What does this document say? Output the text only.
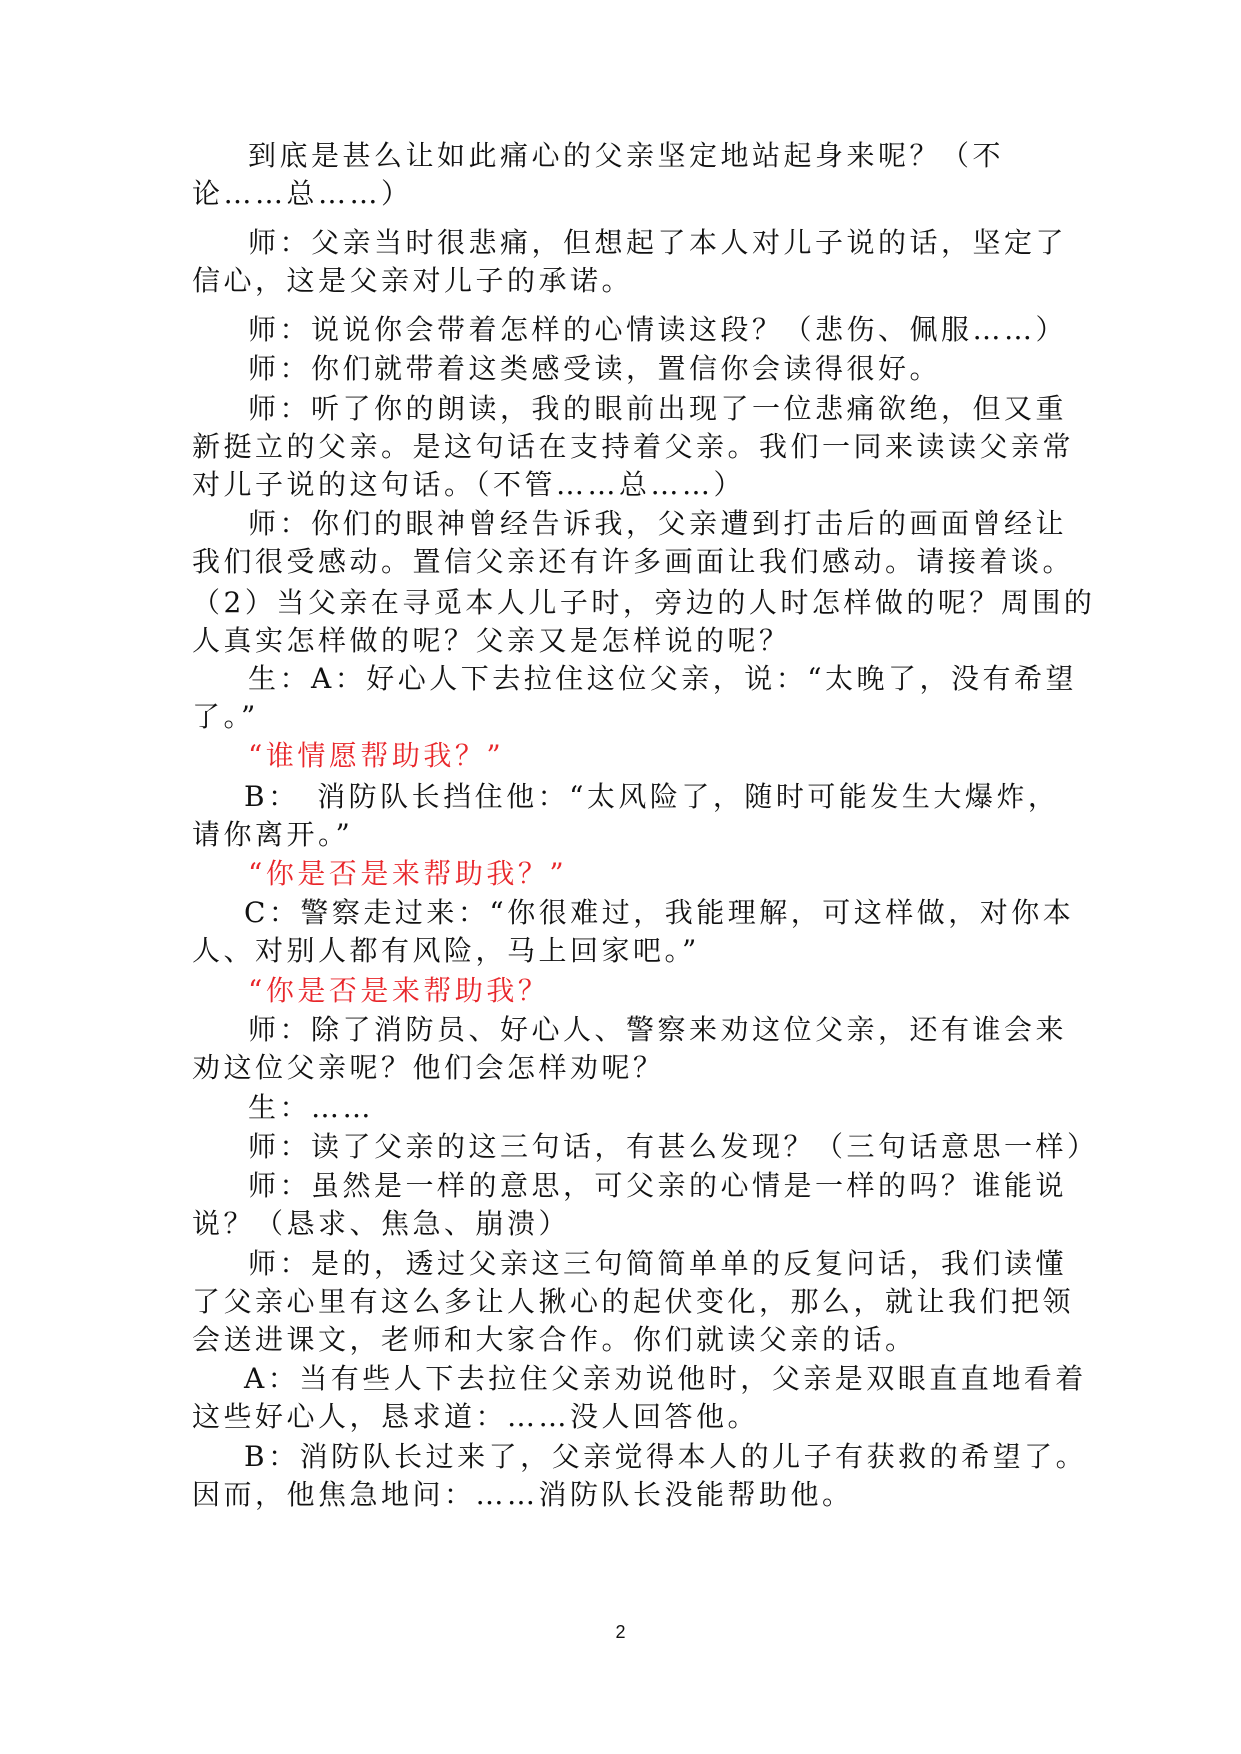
到底是甚么让如此痛心的父亲坚定地站起身来呢？（不
论……总……）
师：父亲当时很悲痛，但想起了本人对儿子说的话，坚定了
信心，这是父亲对儿子的承诺。
师：说说你会带着怎样的心情读这段？（悲伤、佩服……）
师：你们就带着这类感受读，置信你会读得很好。
师：听了你的朗读，我的眼前出现了一位悲痛欲绝，但又重
新挺立的父亲。是这句话在支持着父亲。我们一同来读读父亲常
对儿子说的这句话。（不管……总……）
师：你们的眼神曾经告诉我，父亲遭到打击后的画面曾经让
我们很受感动。置信父亲还有许多画面让我们感动。请接着谈。
（2）当父亲在寻觅本人儿子时，旁边的人时怎样做的呢？周围的
人真实怎样做的呢？父亲又是怎样说的呢？
生：A：好心人下去拉住这位父亲，说：“太晚了，没有希望
了。”
“谁情愿帮助我？”
B：　消防队长挡住他：“太风险了，随时可能发生大爆炸，
请你离开。”
“你是否是来帮助我？”
C：警察走过来：“你很难过，我能理解，可这样做，对你本
人、对别人都有风险，马上回家吧。”
“你是否是来帮助我？
师：除了消防员、好心人、警察来劝这位父亲，还有谁会来
劝这位父亲呢？他们会怎样劝呢？
生：……
师：读了父亲的这三句话，有甚么发现？（三句话意思一样）
师：虽然是一样的意思，可父亲的心情是一样的吗？谁能说
说？（恳求、焦急、崩溃）
师：是的，透过父亲这三句简简单单的反复问话，我们读懂
了父亲心里有这么多让人揪心的起伏变化，那么，就让我们把领
会送进课文，老师和大家合作。你们就读父亲的话。
A：当有些人下去拉住父亲劝说他时，父亲是双眼直直地看着
这些好心人，恳求道：……没人回答他。
B：消防队长过来了，父亲觉得本人的儿子有获救的希望了。
因而，他焦急地问：……消防队长没能帮助他。
2
